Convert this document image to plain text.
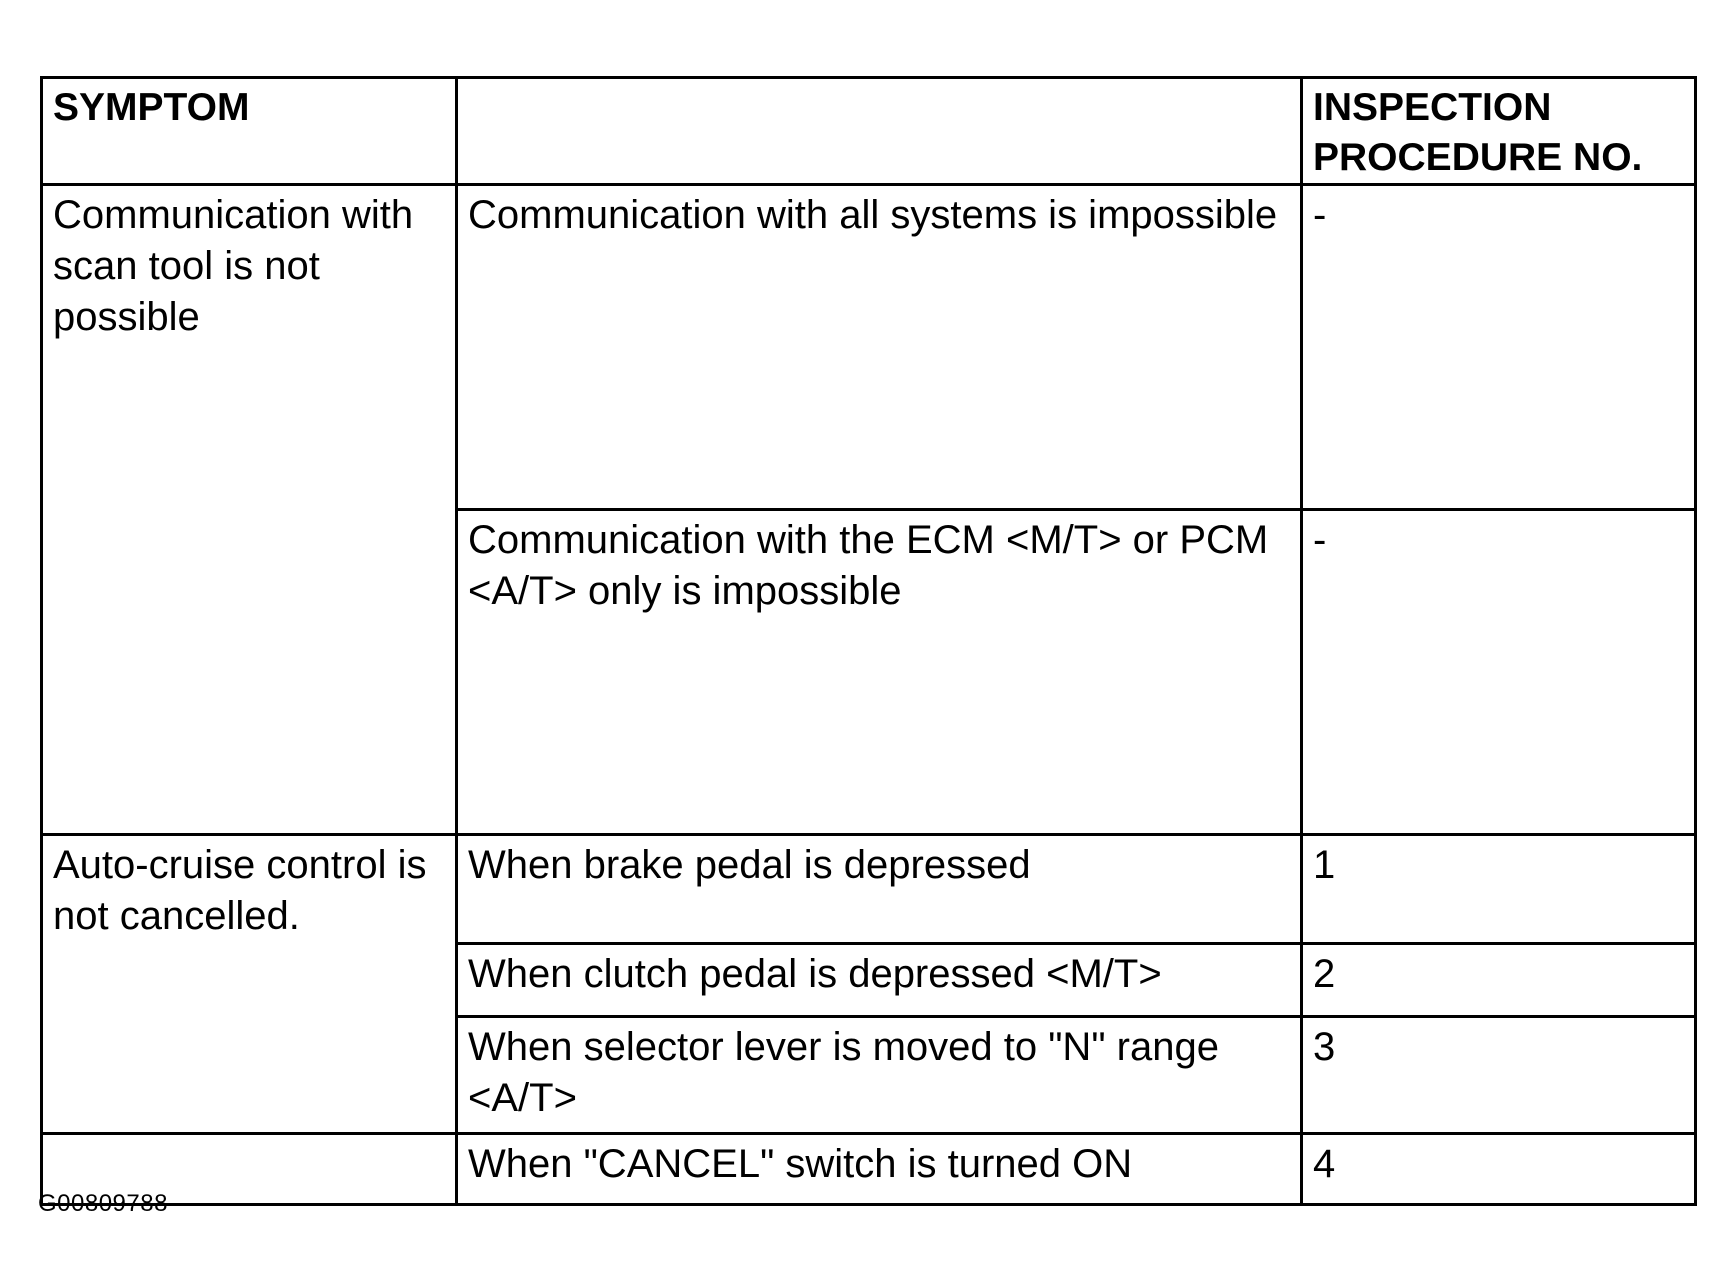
SYMPTOM		INSPECTION PROCEDURE NO.
Communication with scan tool is not possible	Communication with all systems is impossible	-
	Communication with the ECM <M/T> or PCM <A/T> only is impossible	-
Auto-cruise control is not cancelled.	When brake pedal is depressed	1
	When clutch pedal is depressed <M/T>	2
	When selector lever is moved to "N" range <A/T>	3
	When "CANCEL" switch is turned ON	4
G00809788
